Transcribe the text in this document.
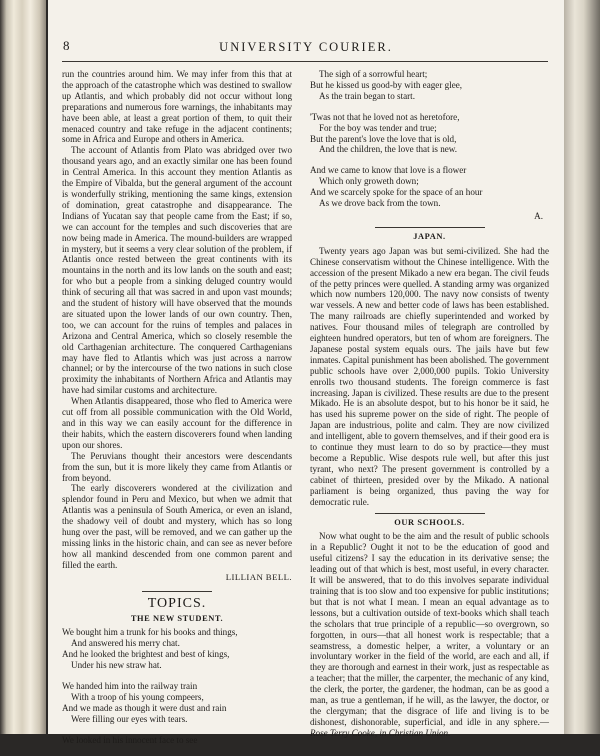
8	UNIVERSITY COURIER.

run the countries around him. We may infer from this that at the approach of the catastrophe which was destined to swallow up Atlantis, and which probably did not occur without long preparations and numerous fore warnings, the inhabitants may have been able, at least a great portion of them, to quit their menaced country and take refuge in the adjacent continents; some in Africa and Europe and others in America.

The account of Atlantis from Plato was abridged over two thousand years ago, and an exactly similar one has been found in Central America. In this account they mention Atlantis as the Empire of Vibalda, but the general argument of the account is wonderfully striking, mentioning the same kings, extension of domination, great catastrophe and disappearance. The Indians of Yucatan say that people came from the East; if so, we can account for the temples and such discoveries that are now being made in America. The mound-builders are wrapped in mystery, but it seems a very clear solution of the problem, if Atlantis once rested between the great continents with its mountains in the north and its low lands on the south and east; for who but a people from a sinking deluged country would think of securing all that was sacred in and upon vast mounds; and the student of history will have observed that the mounds are situated upon the lower lands of our own country. Then, too, we can account for the ruins of temples and palaces in Arizona and Central America, which so closely resemble the old Carthagenian architecture. The conquered Carthagenians may have fled to Atlantis which was just across a narrow channel; or by the intercourse of the two nations in such close proximity the inhabitants of Northern Africa and Atlantis may have had similar customs and architecture.

When Atlantis disappeared, those who fled to America were cut off from all possible communication with the Old World, and in this way we can easily account for the difference in their habits, which the eastern discoverers found when landing upon our shores.

The Peruvians thought their ancestors were descendants from the sun, but it is more likely they came from Atlantis or from beyond.

The early discoverers wondered at the civilization and splendor found in Peru and Mexico, but when we admit that Atlantis was a peninsula of South America, or even an island, the shadowy veil of doubt and mystery, which has so long hung over the past, will be removed, and we can gather up the missing links in the historic chain, and can see as never before how all mankind descended from one common parent and filled the earth.

LILLIAN BELL.
TOPICS.
THE NEW STUDENT.
We bought him a trunk for his books and things,
And answered his merry chat.
And he looked the brightest and best of kings,
Under his new straw hat.
We handed him into the railway train
With a troop of his young compeers,
And we made as though it were dust and rain
Were filling our eyes with tears.
We looked in his innocent face to see
The sigh of a sorrowful heart;
But he kissed us good-by with eager glee,
As the train began to start.
'Twas not that he loved not as heretofore,
For the boy was tender and true;
But the parent's love the love that is old,
And the children, the love that is new.
And we came to know that love is a flower
Which only groweth down;
And we scarcely spoke for the space of an hour
As we drove back from the town.
A.
JAPAN.

Twenty years ago Japan was but semi-civilized. She had the Chinese conservatism without the Chinese intelligence. With the accession of the present Mikado a new era began. The civil feuds of the petty princes were quelled. A standing army was organized which now numbers 120,000. The navy now consists of twenty war vessels. A new and better code of laws has been established. The many railroads are chiefly superintended and worked by natives. Four thousand miles of telegraph are controlled by eighteen hundred operators, but ten of whom are foreigners. The Japanese postal system equals ours. The jails have but few inmates. Capital punishment has been abolished. The government public schools have over 2,000,000 pupils. Tokio University enrolls two thousand students. The foreign commerce is fast increasing. Japan is civilized. These results are due to the present Mikado. He is an absolute despot, but to his honor be it said, he has used his supreme power on the side of right. The people of Japan are industrious, polite and calm. They are now civilized and intelligent, able to govern themselves, and if their good era is to continue they must learn to do so by practice—they must become a Republic. Wise despots rule well, but after this just tyrant, who next? The present government is controlled by a cabinet of thirteen, presided over by the Mikado. A national parliament is being organized, thus paving the way for democratic rule.

OUR SCHOOLS.

Now what ought to be the aim and the result of public schools in a Republic? Ought it not to be the education of good and useful citizens? I say the education in its derivative sense; the leading out of that which is best, most useful, in every character. It will be answered, that to do this involves separate individual training that is too slow and too expensive for public institutions; but that is not what I mean. I mean an equal advantage as to lessons, but a cultivation outside of text-books which shall teach the scholars that true principle of a republic—so overgrown, so forgotten, in ours—that all honest work is respectable; that a seamstress, a domestic helper, a writer, a voluntary or an involuntary worker in the field of the world, are each and all, if they are thorough and earnest in their work, just as respectable as a teacher; that the miller, the carpenter, the mechanic of any kind, the clerk, the porter, the gardener, the hodman, can be as good a man, as true a gentleman, if he will, as the lawyer, the doctor, or the clergyman; that the disgrace of life and living is to be dishonest, dishonorable, superficial, and idle in any sphere.— Rose Terry Cooke, in Christian Union.
